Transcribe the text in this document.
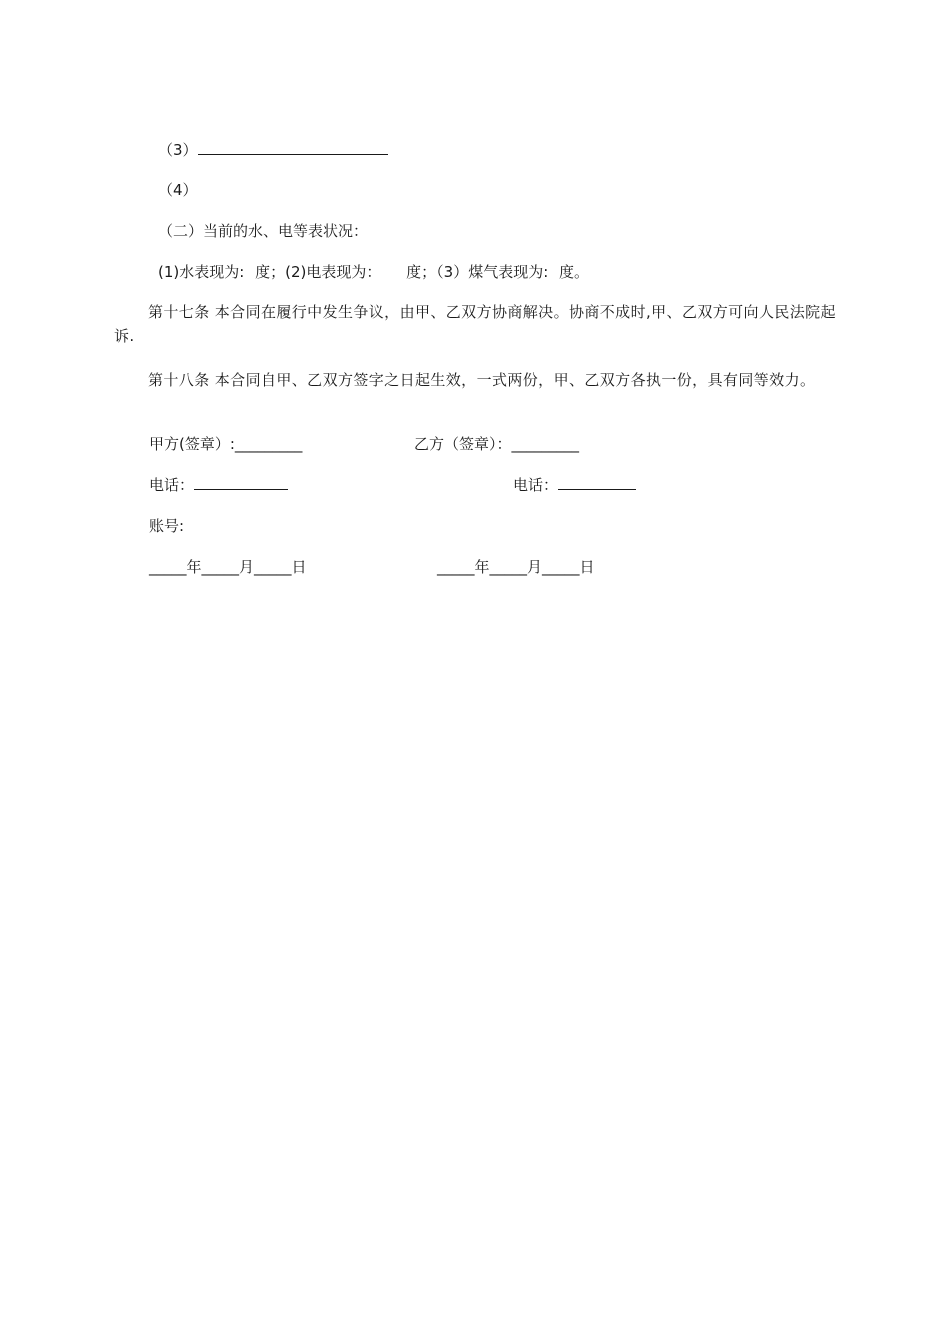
（3）
（4）
（二）当前的水、电等表状况：
(1)水表现为: 度；(2)电表现为： 度；（3）煤气表现为: 度。
第十七条 本合同在履行中发生争议，由甲、乙双方协商解决。协商不成时,甲、乙双方可向人民法院起诉.
第十八条 本合同自甲、乙双方签字之日起生效，一式两份，甲、乙双方各执一份，具有同等效力。
甲方(签章）:_________	乙方（签章）：_________
电话：	电话：
账号:
_____年_____月_____日	_____年_____月_____日
